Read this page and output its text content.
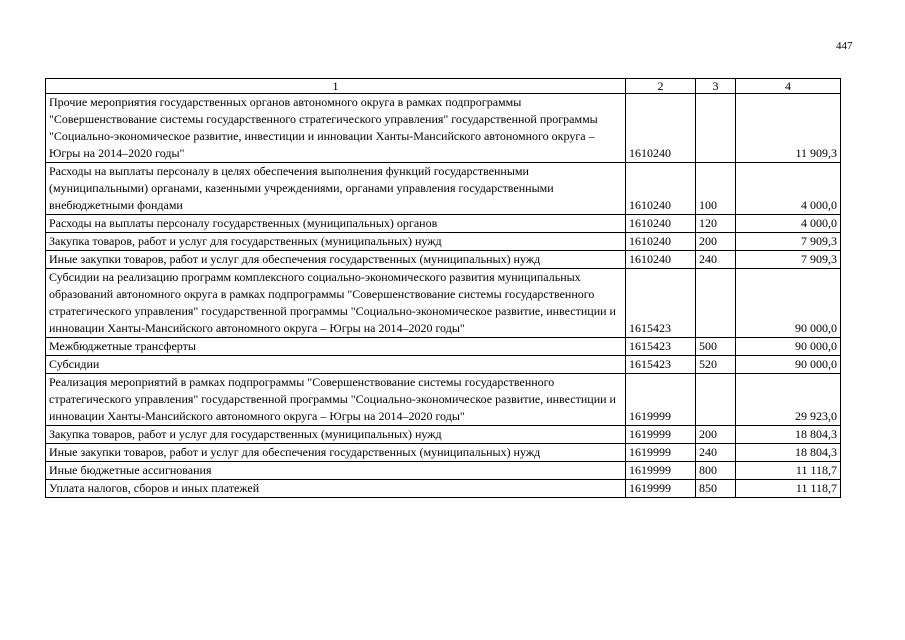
447
1	2	3	4
Прочие мероприятия государственных органов автономного округа в рамках подпрограммы "Совершенствование системы государственного стратегического управления" государственной программы "Социально-экономическое развитие, инвестиции и инновации Ханты-Мансийского автономного округа – Югры на 2014–2020 годы"	1610240		11 909,3
Расходы на выплаты персоналу в целях обеспечения выполнения функций государственными (муниципальными) органами, казенными учреждениями, органами управления государственными внебюджетными фондами	1610240	100	4 000,0
Расходы на выплаты персоналу государственных (муниципальных) органов	1610240	120	4 000,0
Закупка товаров, работ и услуг для государственных (муниципальных) нужд	1610240	200	7 909,3
Иные закупки товаров, работ и услуг для обеспечения государственных (муниципальных) нужд	1610240	240	7 909,3
Субсидии на реализацию программ комплексного социально-экономического развития муниципальных образований автономного округа в рамках подпрограммы "Совершенствование системы государственного стратегического управления" государственной программы "Социально-экономическое развитие, инвестиции и инновации Ханты-Мансийского автономного округа – Югры на 2014–2020 годы"	1615423		90 000,0
Межбюджетные трансферты	1615423	500	90 000,0
Субсидии	1615423	520	90 000,0
Реализация мероприятий в рамках подпрограммы "Совершенствование системы государственного стратегического управления" государственной программы "Социально-экономическое развитие, инвестиции и инновации Ханты-Мансийского автономного округа – Югры на 2014–2020 годы"	1619999		29 923,0
Закупка товаров, работ и услуг для государственных (муниципальных) нужд	1619999	200	18 804,3
Иные закупки товаров, работ и услуг для обеспечения государственных (муниципальных) нужд	1619999	240	18 804,3
Иные бюджетные ассигнования	1619999	800	11 118,7
Уплата налогов, сборов и иных платежей	1619999	850	11 118,7
